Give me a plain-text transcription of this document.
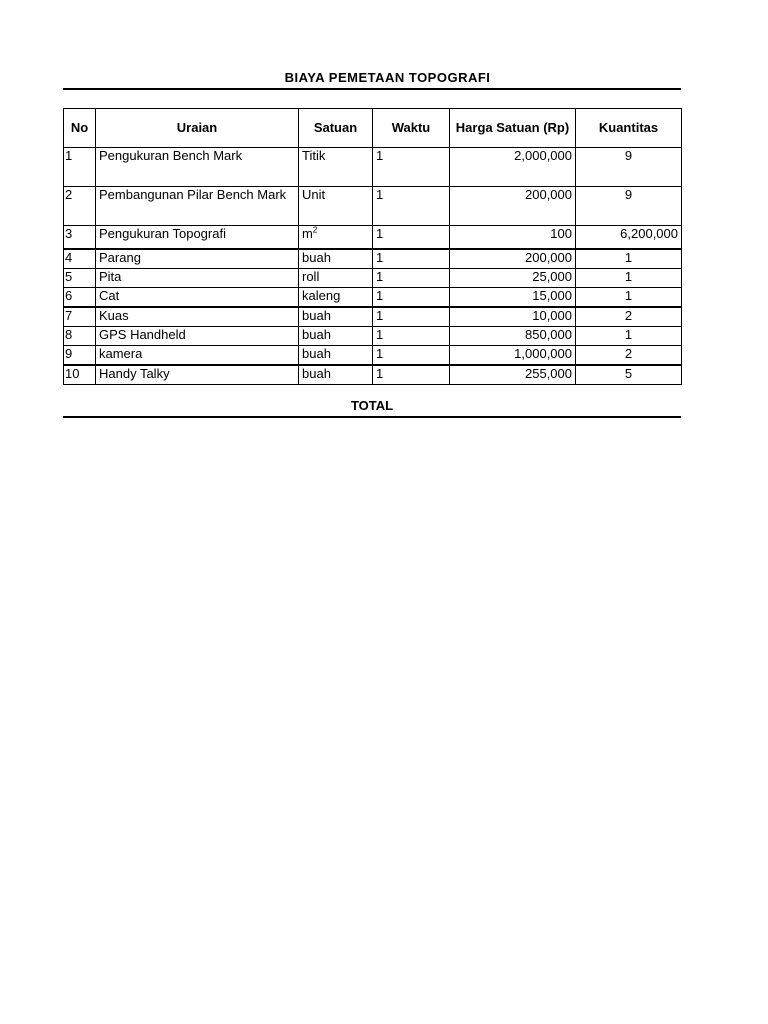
BIAYA PEMETAAN TOPOGRAFI
No	Uraian	Satuan	Waktu	Harga Satuan (Rp)	Kuantitas
1	Pengukuran Bench Mark	Titik	1	2,000,000	9
2	Pembangunan Pilar Bench Mark	Unit	1	200,000	9
3	Pengukuran Topografi	$m^2$	1	100	6,200,000
4	Parang	buah	1	200,000	1
5	Pita	roll	1	25,000	1
6	Cat	kaleng	1	15,000	1
7	Kuas	buah	1	10,000	2
8	GPS Handheld	buah	1	850,000	1
9	kamera	buah	1	1,000,000	2
10	Handy Talky	buah	1	255,000	5
TOTAL
